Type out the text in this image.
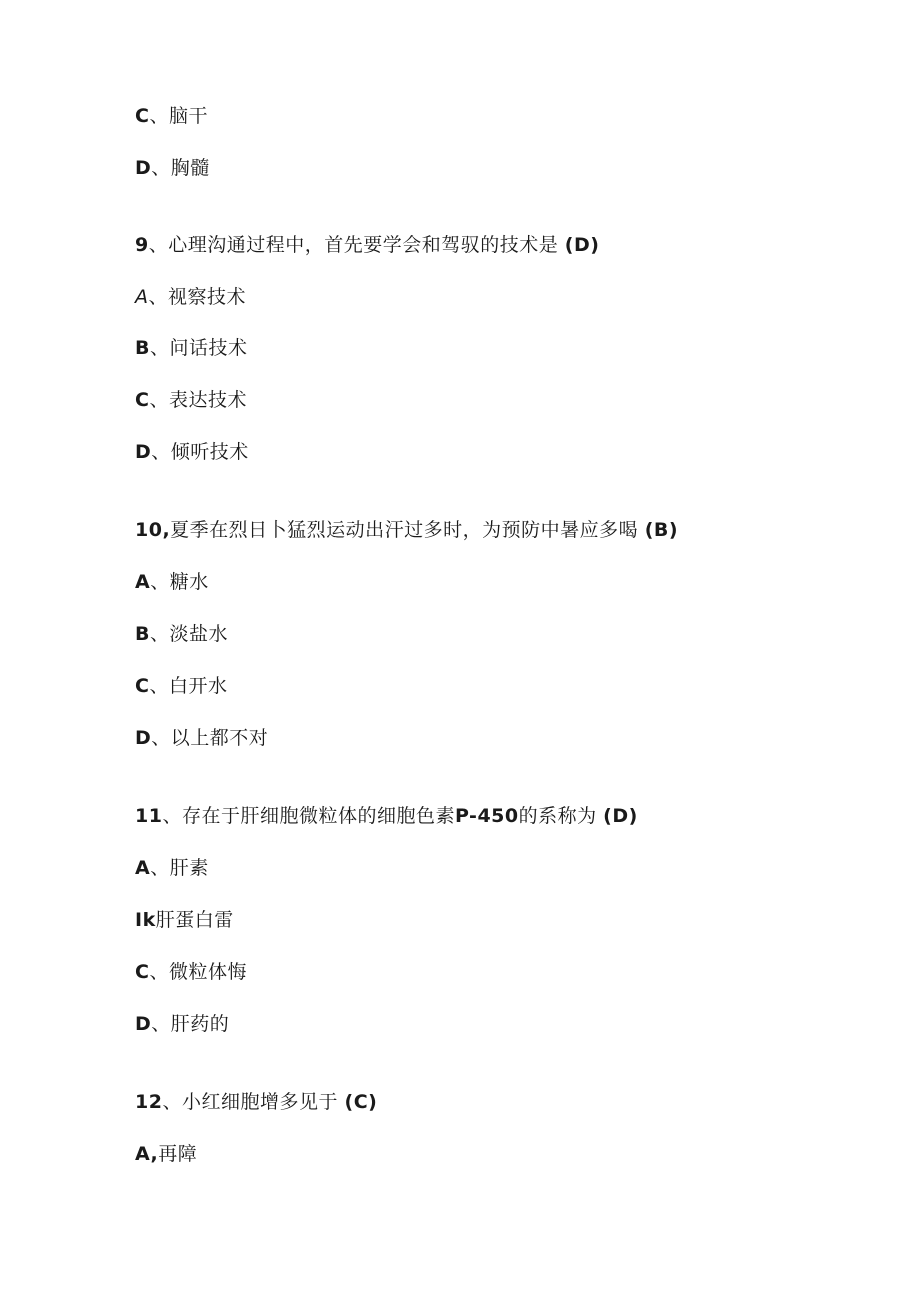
C、脑干
D、胸髓
9、心理沟通过程中，首先要学会和驾驭的技术是 (D)
A、视察技术
B、问话技术
C、表达技术
D、倾听技术
10,夏季在烈日卜猛烈运动出汗过多时，为预防中暑应多喝 (B)
A、糖水
B、淡盐水
C、白开水
D、以上都不对
11、存在于肝细胞微粒体的细胞色素P-450的系称为 (D)
A、肝素
Ik肝蛋白雷
C、微粒体悔
D、肝药的
12、小红细胞增多见于 (C)
A,再障
